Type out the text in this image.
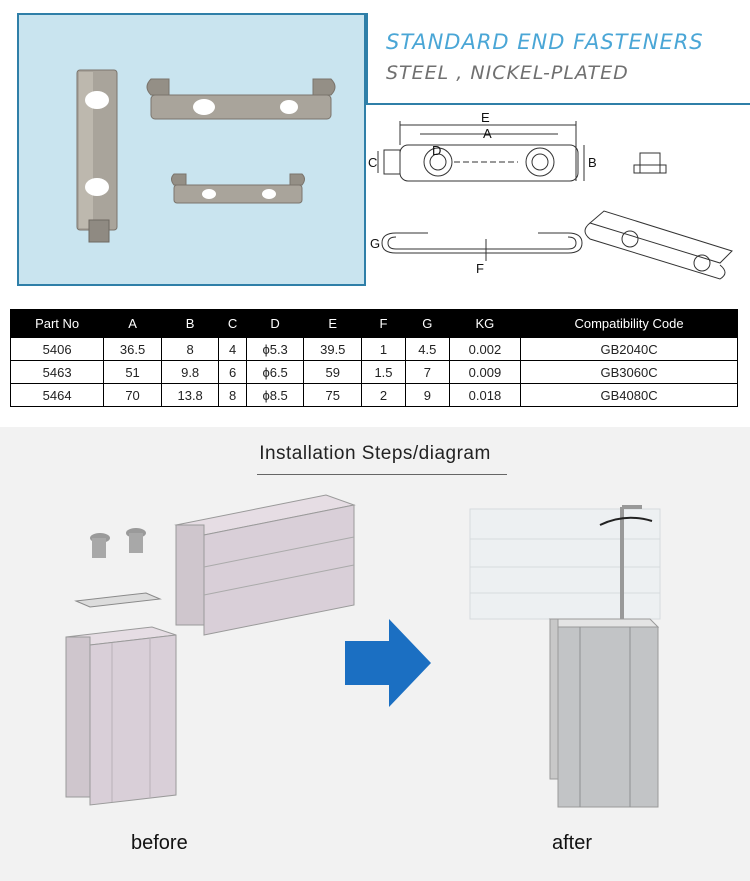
STANDARD END FASTENERS
STEEL , NICKEL-PLATED
E
A
D
C	B
G
F
Part No	A	B	C	D	E	F	G	KG	Compatibility Code
5406	36.5	8	4	ϕ5.3	39.5	1	4.5	0.002	GB2040C
5463	51	9.8	6	ϕ6.5	59	1.5	7	0.009	GB3060C
5464	70	13.8	8	ϕ8.5	75	2	9	0.018	GB4080C
Installation Steps/diagram
before	after
